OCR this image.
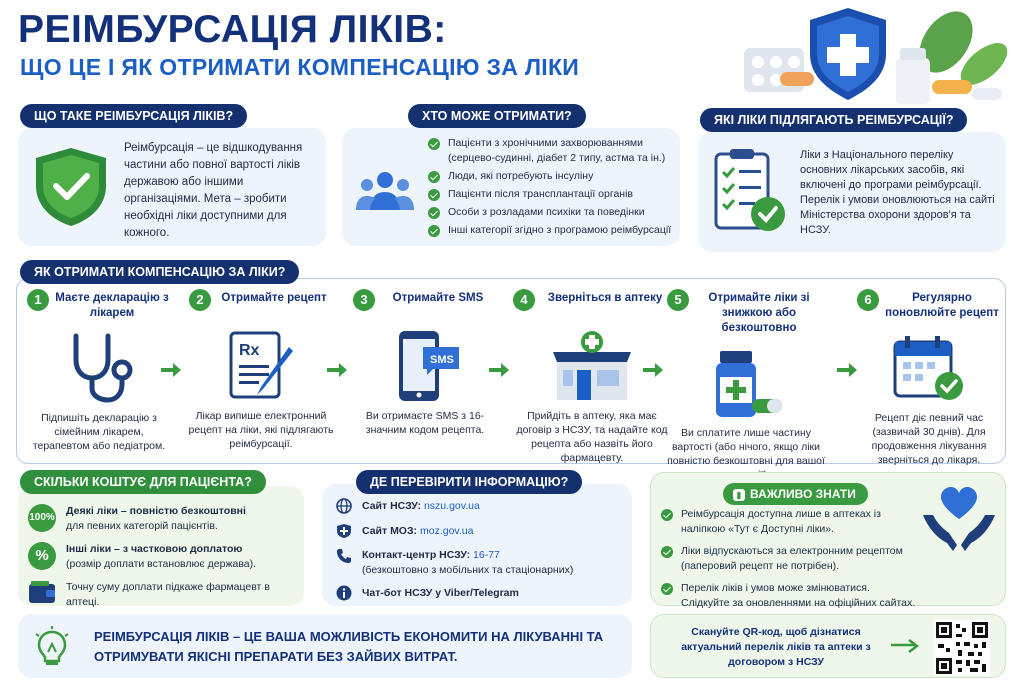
РЕІМБУРСАЦІЯ ЛІКІВ:
ЩО ЦЕ І ЯК ОТРИМАТИ КОМПЕНСАЦІЮ ЗА ЛІКИ
Реімбурсація – це відшкодування частини або повної вартості ліків державою або іншими організаціями. Мета – зробити необхідні ліки доступними для кожного.
ЩО ТАКЕ РЕІМБУРСАЦІЯ ЛІКІВ?
Пацієнти з хронічними захворюваннями (серцево-судинні, діабет 2 типу, астма та ін.)
Люди, які потребують інсуліну
Пацієнти після трансплантації органів
Особи з розладами психіки та поведінки
Інші категорії згідно з програмою реімбурсації
ХТО МОЖЕ ОТРИМАТИ?
Ліки з Національного переліку основних лікарських засобів, які включені до програми реімбурсації. Перелік і умови оновлюються на сайті Міністерства охорони здоров'я та НСЗУ.
ЯКІ ЛІКИ ПІДЛЯГАЮТЬ РЕІМБУРСАЦІЇ?
1	Маєте декларацію з лікарем
Підпишіть декларацію з сімейним лікарем, терапевтом або педіатром.
2	Отримайте рецепт
Rx
Лікар випише електронний рецепт на ліки, які підлягають реімбурсації.
3	Отримайте SMS
SMS
Ви отримаєте SMS з 16-значним кодом рецепта.
4	Зверніться в аптеку
Прийдіть в аптеку, яка має договір з НСЗУ, та надайте код рецепта або назвіть його фармацевту.
5	Отримайте ліки зі знижкою або безкоштовно
Ви сплатите лише частину вартості (або нічого, якщо ліки повністю безкоштовні для вашої
6	Регулярно поновлюйте рецепт
Рецепт діє певний час (зазвичай 30 днів). Для продовження лікування зверніться до лікаря.
ЯК ОТРИМАТИ КОМПЕНСАЦІЮ ЗА ЛІКИ?
100%
Деякі ліки – повністю безкоштовні
для певних категорій пацієнтів.
%	Інші ліки – з частковою доплатою
(розмір доплати встановлює держава).
Точну суму доплати підкаже фармацевт в аптеці.
СКІЛЬКИ КОШТУЄ ДЛЯ ПАЦІЄНТА?
Сайт НСЗУ: nszu.gov.ua
Сайт МОЗ: moz.gov.ua
Контакт-центр НСЗУ: 16-77
(безкоштовно з мобільних та стаціонарних)
Чат-бот НСЗУ у Viber/Telegram
ДЕ ПЕРЕВІРИТИ ІНФОРМАЦІЮ?
▮ ВАЖЛИВО ЗНАТИ
Реімбурсація доступна лише в аптеках із наліпкою «Тут є Доступні ліки».
Ліки відпускаються за електронним рецептом (паперовий рецепт не потрібен).
Перелік ліків і умов може змінюватися. Слідкуйте за оновленнями на офіційних сайтах.
РЕІМБУРСАЦІЯ ЛІКІВ – ЦЕ ВАША МОЖЛИВІСТЬ ЕКОНОМИТИ НА ЛІКУВАННІ ТА ОТРИМУВАТИ ЯКІСНІ ПРЕПАРАТИ БЕЗ ЗАЙВИХ ВИТРАТ.
Скануйте QR-код, щоб дізнатися актуальний перелік ліків та аптеки з договором з НСЗУ
